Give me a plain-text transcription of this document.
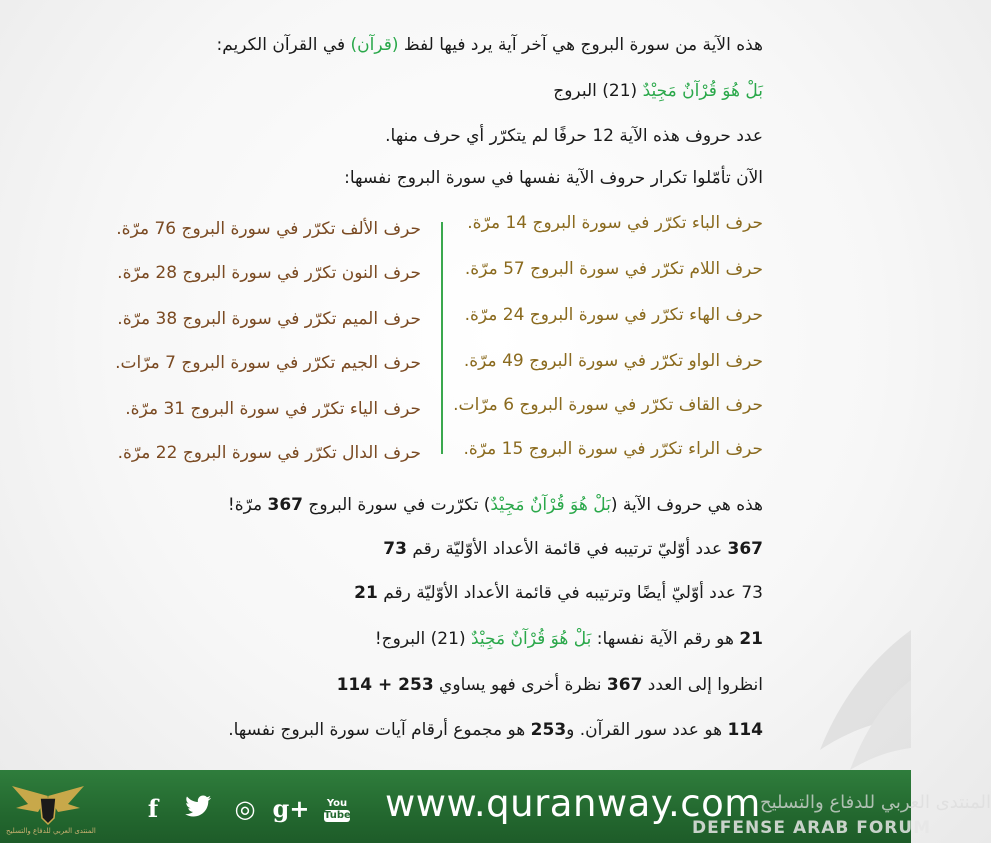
هذه الآية من سورة البروج هي آخر آية يرد فيها لفظ (قرآن) في القرآن الكريم:
بَلْ هُوَ قُرْآنٌ مَجِيْدٌ (21) البروج
عدد حروف هذه الآية 12 حرفًا لم يتكرّر أي حرف منها.
الآن تأمّلوا تكرار حروف الآية نفسها في سورة البروج نفسها:
حرف الباء تكرّر في سورة البروج 14 مرّة.
حرف اللام تكرّر في سورة البروج 57 مرّة.
حرف الهاء تكرّر في سورة البروج 24 مرّة.
حرف الواو تكرّر في سورة البروج 49 مرّة.
حرف القاف تكرّر في سورة البروج 6 مرّات.
حرف الراء تكرّر في سورة البروج 15 مرّة.
حرف الألف تكرّر في سورة البروج 76 مرّة.
حرف النون تكرّر في سورة البروج 28 مرّة.
حرف الميم تكرّر في سورة البروج 38 مرّة.
حرف الجيم تكرّر في سورة البروج 7 مرّات.
حرف الياء تكرّر في سورة البروج 31 مرّة.
حرف الدال تكرّر في سورة البروج 22 مرّة.
هذه هي حروف الآية (بَلْ هُوَ قُرْآنٌ مَجِيْدٌ) تكرّرت في سورة البروج 367 مرّة!
367 عدد أوّليّ ترتيبه في قائمة الأعداد الأوّليّة رقم 73
73 عدد أوّليّ أيضًا وترتيبه في قائمة الأعداد الأوّليّة رقم 21
21 هو رقم الآية نفسها: بَلْ هُوَ قُرْآنٌ مَجِيْدٌ (21) البروج!
انظروا إلى العدد 367 نظرة أخرى فهو يساوي 114 + 253
114 هو عدد سور القرآن. و253 هو مجموع أرقام آيات سورة البروج نفسها.
المنتدى العربي للدفاع والتسليح
f	◎ g+	You
Tube www.quranway.com المنتدى العربي للدفاع والتسليح
DEFENSE ARAB FORUM
